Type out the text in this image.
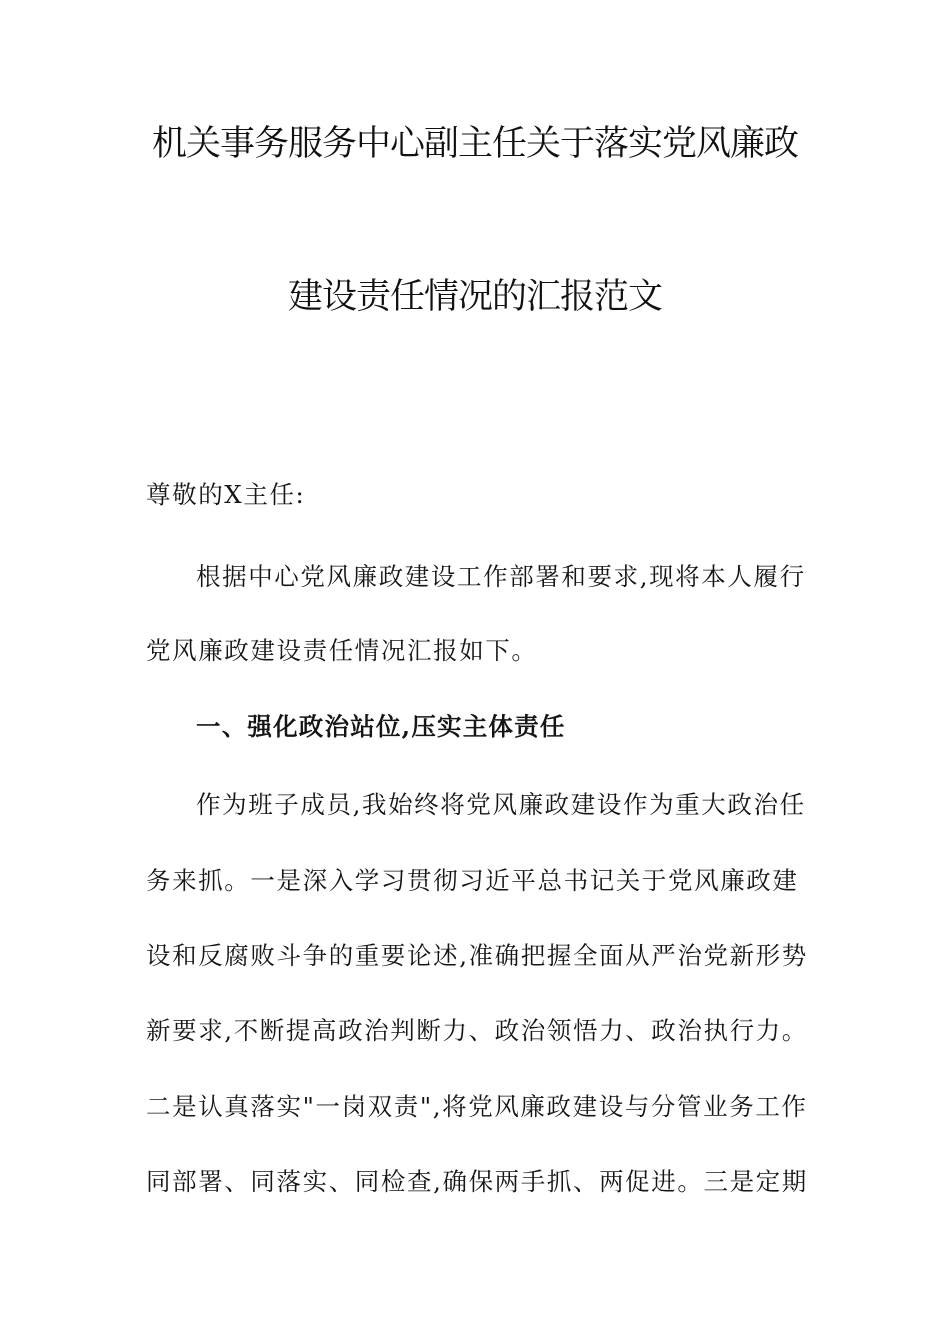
机关事务服务中心副主任关于落实党风廉政
建设责任情况的汇报范文
尊敬的X主任:
根据中心党风廉政建设工作部署和要求,现将本人履行
党风廉政建设责任情况汇报如下。
一、强化政治站位,压实主体责任
作为班子成员,我始终将党风廉政建设作为重大政治任
务来抓。一是深入学习贯彻习近平总书记关于党风廉政建
设和反腐败斗争的重要论述,准确把握全面从严治党新形势
新要求,不断提高政治判断力、政治领悟力、政治执行力。
二是认真落实"一岗双责",将党风廉政建设与分管业务工作
同部署、同落实、同检查,确保两手抓、两促进。三是定期
